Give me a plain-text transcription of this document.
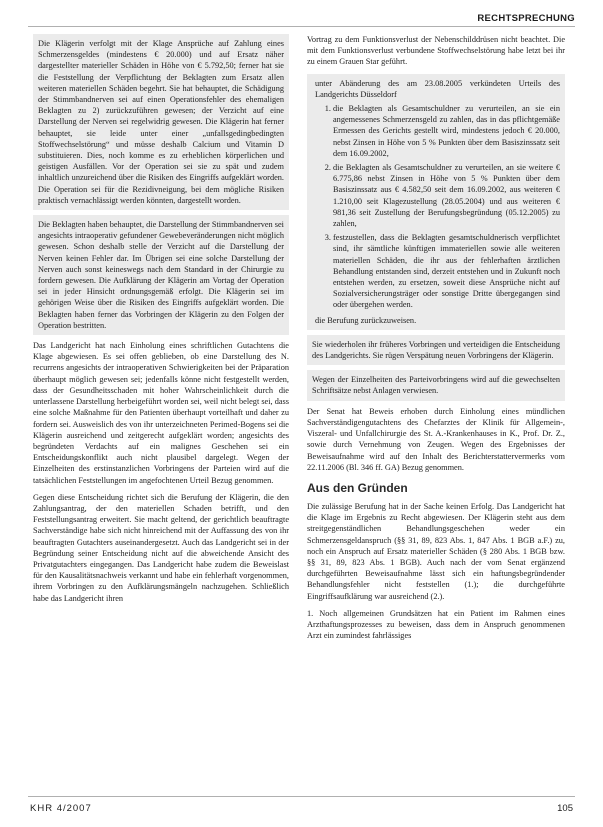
RECHTSPRECHUNG

Die Klägerin verfolgt mit der Klage Ansprüche auf Zahlung eines Schmerzensgeldes (mindestens € 20.000) und auf Ersatz näher dargestellter materieller Schäden in Höhe von € 5.792,50; ferner hat sie die Feststellung der Verpflichtung der Beklagten zum Ersatz allen weiteren materiellen Schäden begehrt. Sie hat behauptet, die Schädigung der Stimmbandnerven sei auf einen Operationsfehler des ehemaligen Beklagten zu 2) zurückzuführen gewesen; der Verzicht auf eine Darstellung der Nerven sei regelwidrig gewesen. Die Klägerin hat ferner behauptet, sie leide unter einer „unfallsgedingbedingten Stoffwechselstörung“ und müsse deshalb Calcium und Vitamin D substituieren. Dies, noch komme es zu erheblichen körperlichen und geistigen Ausfällen. Vor der Operation sei sie zu spät und zudem inhaltlich unzureichend über die Risiken des Eingriffs aufgeklärt worden. Die Operation sei für die Rezidivneigung, bei dem mögliche Risiken praktisch vernachlässigt werden könnten, dargestellt worden.

Die Beklagten haben behauptet, die Darstellung der Stimmbandnerven sei angesichts intraoperativ gefundener Gewebeveränderungen nicht möglich gewesen. Schon deshalb stelle der Verzicht auf die Darstellung der Nerven keinen Fehler dar. Im Übrigen sei eine solche Darstellung der Nerven auch sonst keineswegs nach dem Standard in der Chirurgie zu fordern gewesen. Die Aufklärung der Klägerin am Vortag der Operation sei in jeder Hinsicht ordnungsgemäß erfolgt. Die Klägerin sei im gehörigen Weise über die Risiken des Eingriffs aufgeklärt worden. Die Beklagten haben ferner das Vorbringen der Klägerin zu den Folgen der Operation bestritten.

Das Landgericht hat nach Einholung eines schriftlichen Gutachtens die Klage abgewiesen. Es sei offen geblieben, ob eine Darstellung des N. recurrens angesichts der intraoperativen Schwierigkeiten bei der Präparation überhaupt möglich gewesen sei; jedenfalls könne nicht festgestellt werden, dass der Gesundheitsschaden mit hoher Wahrscheinlichkeit durch die unterlassene Darstellung herbeigeführt worden sei, weil nicht belegt sei, dass eine solche Maßnahme für den Patienten überhaupt vorteilhaft und daher zu fordern sei. Ausweislich des von ihr unterzeichneten Perimed-Bogens sei die Klägerin ausreichend und zeitgerecht aufgeklärt worden; angesichts des begründeten Verdachts auf ein malignes Geschehen sei ein Entscheidungskonflikt auch nicht plausibel dargelegt. Wegen der Einzelheiten des erstinstanzlichen Vorbringens der Parteien wird auf die tatsächlichen Feststellungen im angefochtenen Urteil Bezug genommen.

Gegen diese Entscheidung richtet sich die Berufung der Klägerin, die den Zahlungsantrag, der den materiellen Schaden betrifft, und den Feststellungsantrag erweitert. Sie macht geltend, der gerichtlich beauftragte Sachverständige habe sich nicht hinreichend mit der Auffassung des von ihr beauftragten Gutachters auseinandergesetzt. Auch das Landgericht sei in der Begründung seiner Entscheidung nicht auf die abweichende Ansicht des Privatgutachters eingegangen. Das Landgericht habe zudem die Beweislast für den Kausalitätsnachweis verkannt und habe ein fehlerhaft vorgenommen, ihrem Vorbringen zu den Aufklärungsmängeln nachzugehen. Schließlich habe das Landgericht ihren

Vortrag zu dem Funktionsverlust der Nebenschilddrüsen nicht beachtet. Die mit dem Funktionsverlust verbundene Stoffwechselstörung habe letzt bei ihr zu einem Grauen Star geführt.

unter Abänderung des am 23.08.2005 verkündeten Urteils des Landgerichts Düsseldorf

1. die Beklagten als Gesamtschuldner zu verurteilen, an sie ein angemessenes Schmerzensgeld zu zahlen, das in das pflichtgemäße Ermessen des Gerichts gestellt wird, mindestens jedoch € 20.000, nebst Zinsen in Höhe von 5 % Punkten über dem Basiszinssatz seit dem 16.09.2002,
2. die Beklagten als Gesamtschuldner zu verurteilen, an sie weitere € 6.775,86 nebst Zinsen in Höhe von 5 % Punkten über dem Basiszinssatz aus € 4.582,50 seit dem 16.09.2002, aus weiteren € 1.210,00 seit Klagezustellung (28.05.2004) und aus weiteren € 981,36 seit Zustellung der Berufungsbegründung (05.12.2005) zu zahlen,
3. festzustellen, dass die Beklagten gesamtschuldnerisch verpflichtet sind, ihr sämtliche künftigen immateriellen sowie alle weiteren materiellen Schäden, die ihr aus der fehlerhaften ärztlichen Behandlung entstanden sind, derzeit entstehen und in Zukunft noch entstehen werden, zu ersetzen, soweit diese Ansprüche nicht auf Sozialversicherungsträger oder sonstige Dritte übergegangen sind oder übergehen werden.

die Berufung zurückzuweisen.

Sie wiederholen ihr früheres Vorbringen und verteidigen die Entscheidung des Landgerichts. Sie rügen Verspätung neuen Vorbringens der Klägerin.

Wegen der Einzelheiten des Parteivorbringens wird auf die gewechselten Schriftsätze nebst Anlagen verwiesen.

Der Senat hat Beweis erhoben durch Einholung eines mündlichen Sachverständigengutachtens des Chefarztes der Klinik für Allgemein-, Viszeral- und Unfallchirurgie des St. A.-Krankenhauses in K., Prof. Dr. Z., sowie durch Vernehmung von Zeugen. Wegen des Ergebnisses der Beweisaufnahme wird auf den Inhalt des Berichterstattervermerks vom 22.11.2006 (Bl. 346 ff. GA) Bezug genommen.

Aus den Gründen

Die zulässige Berufung hat in der Sache keinen Erfolg. Das Landgericht hat die Klage im Ergebnis zu Recht abgewiesen. Der Klägerin steht aus dem streitgegenständlichen Behandlungsgeschehen weder ein Schmerzensgeldanspruch (§§ 31, 89, 823 Abs. 1, 847 Abs. 1 BGB a.F.) zu, noch ein Anspruch auf Ersatz materieller Schäden (§ 280 Abs. 1 BGB bzw. §§ 31, 89, 823 Abs. 1 BGB). Auch nach der vom Senat ergänzend durchgeführten Beweisaufnahme lässt sich ein haftungsbegründender Behandlungsfehler nicht feststellen (1.); die durchgeführte Eingriffsaufklärung war ausreichend (2.).

1. Noch allgemeinen Grundsätzen hat ein Patient im Rahmen eines Arzthaftungsprozesses zu beweisen, dass dem in Anspruch genommenen Arzt ein zumindest fahrlässiges

KHR 4/2007	105
